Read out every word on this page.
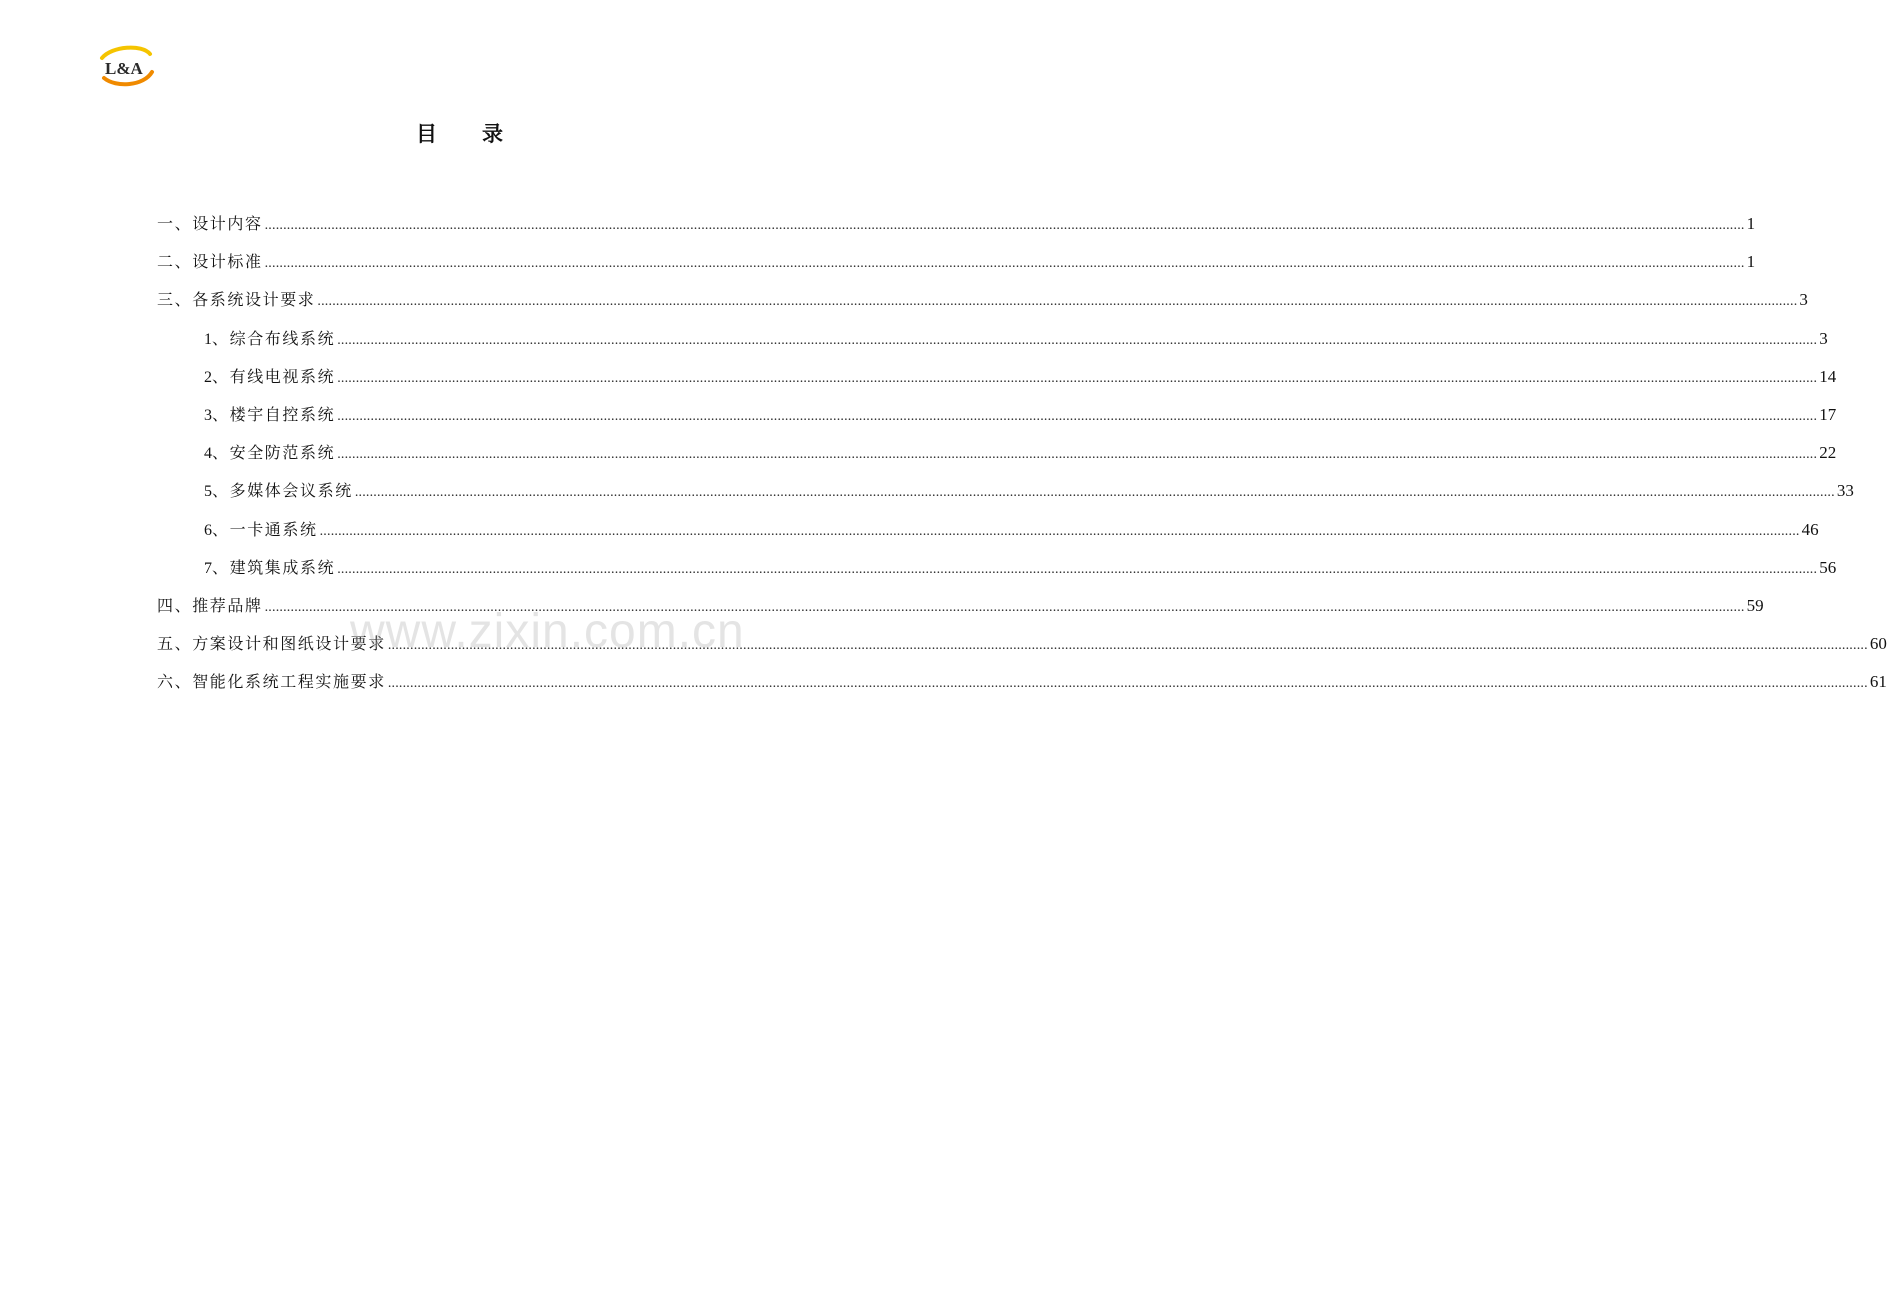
L&A
目 录
一、设计内容 ................................................................................................................................................................................................................................................................................................................................................................................................................ 1
二、设计标准 ................................................................................................................................................................................................................................................................................................................................................................................................................ 1
三、各系统设计要求 ................................................................................................................................................................................................................................................................................................................................................................................................................ 3
1、综合布线系统 ................................................................................................................................................................................................................................................................................................................................................................................................................ 3
2、有线电视系统 ................................................................................................................................................................................................................................................................................................................................................................................................................ 14
3、楼宇自控系统 ................................................................................................................................................................................................................................................................................................................................................................................................................ 17
4、安全防范系统 ................................................................................................................................................................................................................................................................................................................................................................................................................ 22
5、多媒体会议系统 ................................................................................................................................................................................................................................................................................................................................................................................................................ 33
6、一卡通系统 ................................................................................................................................................................................................................................................................................................................................................................................................................ 46
7、建筑集成系统 ................................................................................................................................................................................................................................................................................................................................................................................................................ 56
四、推荐品牌 ................................................................................................................................................................................................................................................................................................................................................................................................................ 59
五、方案设计和图纸设计要求 ................................................................................................................................................................................................................................................................................................................................................................................................................ 60
六、智能化系统工程实施要求 ................................................................................................................................................................................................................................................................................................................................................................................................................ 61
www.zixin.com.cn
